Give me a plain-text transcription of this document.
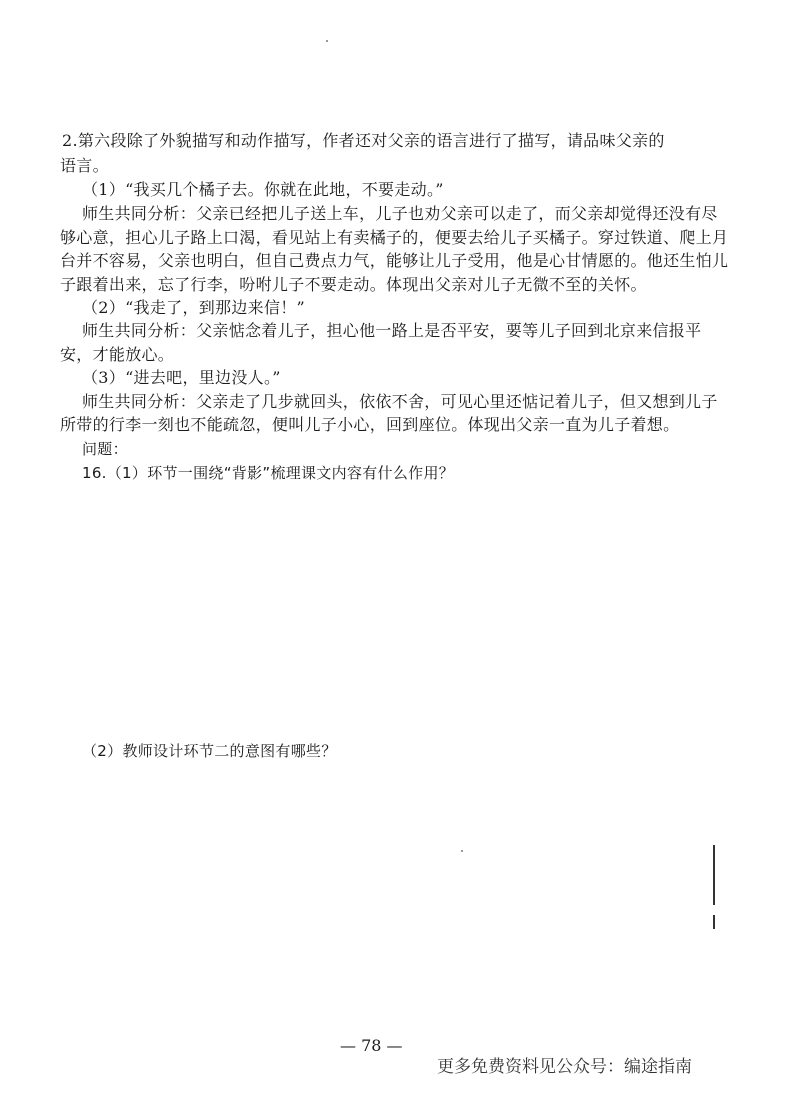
2.第六段除了外貌描写和动作描写，作者还对父亲的语言进行了描写，请品味父亲的
语言。
（1）“我买几个橘子去。你就在此地，不要走动。”
师生共同分析：父亲已经把儿子送上车，儿子也劝父亲可以走了，而父亲却觉得还没有尽
够心意，担心儿子路上口渴，看见站上有卖橘子的，便要去给儿子买橘子。穿过铁道、爬上月
台并不容易，父亲也明白，但自己费点力气，能够让儿子受用，他是心甘情愿的。他还生怕儿
子跟着出来，忘了行李，吩咐儿子不要走动。体现出父亲对儿子无微不至的关怀。
（2）“我走了，到那边来信！”
师生共同分析：父亲惦念着儿子，担心他一路上是否平安，要等儿子回到北京来信报平
安，才能放心。
（3）“进去吧，里边没人。”
师生共同分析：父亲走了几步就回头，依依不舍，可见心里还惦记着儿子，但又想到儿子
所带的行李一刻也不能疏忽，便叫儿子小心，回到座位。体现出父亲一直为儿子着想。
问题：
16.（1）环节一围绕“背影”梳理课文内容有什么作用？
（2）教师设计环节二的意图有哪些？
— 78 —
更多免费资料见公众号：编途指南
